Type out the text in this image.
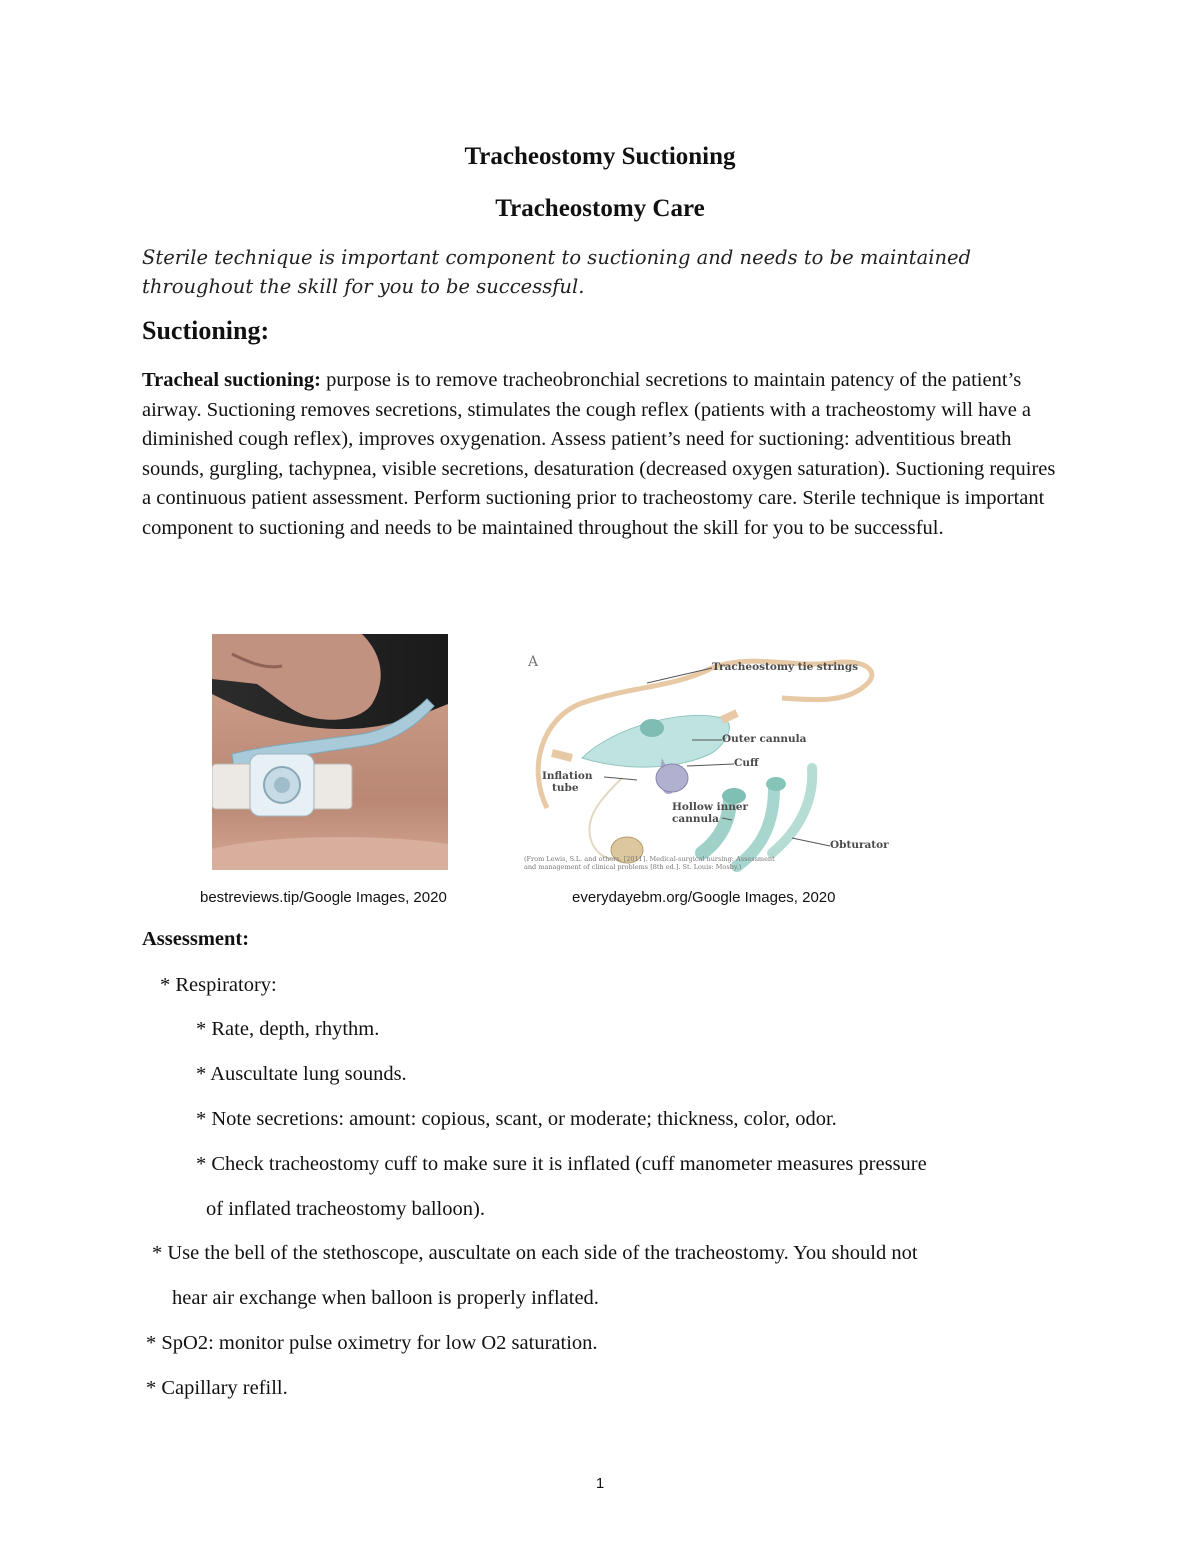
Tracheostomy Suctioning
Tracheostomy Care
Sterile technique is important component to suctioning and needs to be maintained throughout the skill for you to be successful.
Suctioning:
Tracheal suctioning: purpose is to remove tracheobronchial secretions to maintain patency of the patient’s airway. Suctioning removes secretions, stimulates the cough reflex (patients with a tracheostomy will have a diminished cough reflex), improves oxygenation. Assess patient’s need for suctioning: adventitious breath sounds, gurgling, tachypnea, visible secretions, desaturation (decreased oxygen saturation). Suctioning requires a continuous patient assessment. Perform suctioning prior to tracheostomy care. Sterile technique is important component to suctioning and needs to be maintained throughout the skill for you to be successful.
A	Tracheostomy tie strings
Outer cannula
Cuff
Inflation
tube
Hollow inner
cannula
Obturator
(From Lewis, S.L. and others. [2011]. Medical-surgical nursing: Assessment
and management of clinical problems [8th ed.]. St. Louis: Mosby.)
bestreviews.tip/Google Images, 2020	everydayebm.org/Google Images, 2020
Assessment:
* Respiratory:
* Rate, depth, rhythm.
* Auscultate lung sounds.
* Note secretions: amount: copious, scant, or moderate; thickness, color, odor.
* Check tracheostomy cuff to make sure it is inflated (cuff manometer measures pressure
of inflated tracheostomy balloon).
* Use the bell of the stethoscope, auscultate on each side of the tracheostomy. You should not
hear air exchange when balloon is properly inflated.
* SpO2: monitor pulse oximetry for low O2 saturation.
* Capillary refill.
1
